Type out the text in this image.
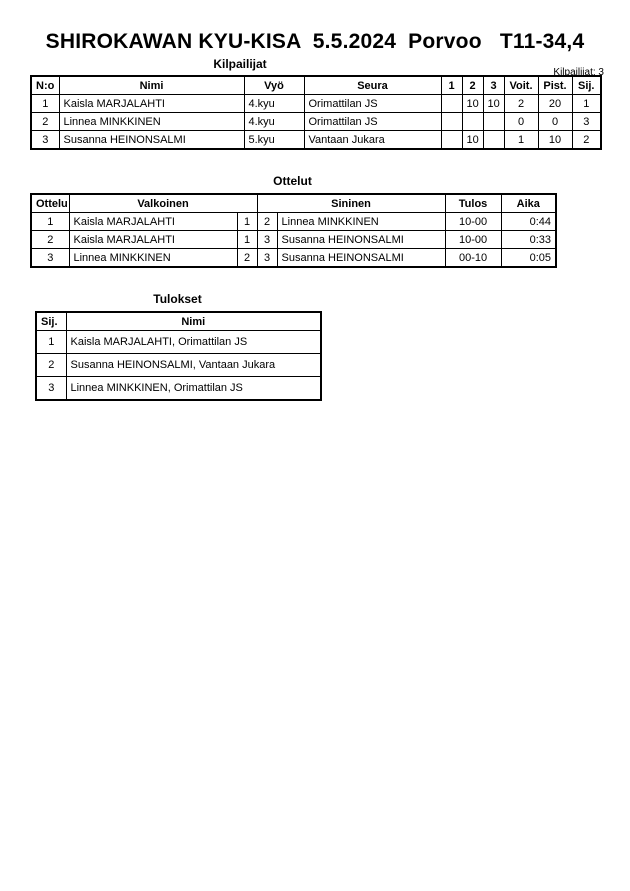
SHIROKAWAN KYU-KISA  5.5.2024  Porvoo   T11-34,4
Kilpailijat: 3
Kilpailijat
N:o	Nimi	Vyö	Seura	1	2	3	Voit.	Pist.	Sij.
1	Kaisla MARJALAHTI	4.kyu	Orimattilan JS		10	10	2	20	1
2	Linnea MINKKINEN	4.kyu	Orimattilan JS				0	0	3
3	Susanna HEINONSALMI	5.kyu	Vantaan Jukara		10		1	10	2
Ottelut
Ottelu	Valkoinen		Sininen		Tulos	Aika
1	Kaisla MARJALAHTI	1	2	Linnea MINKKINEN	10-00	0:44
2	Kaisla MARJALAHTI	1	3	Susanna HEINONSALMI	10-00	0:33
3	Linnea MINKKINEN	2	3	Susanna HEINONSALMI	00-10	0:05
Tulokset
Sij.	Nimi
1	Kaisla MARJALAHTI, Orimattilan JS
2	Susanna HEINONSALMI, Vantaan Jukara
3	Linnea MINKKINEN, Orimattilan JS
